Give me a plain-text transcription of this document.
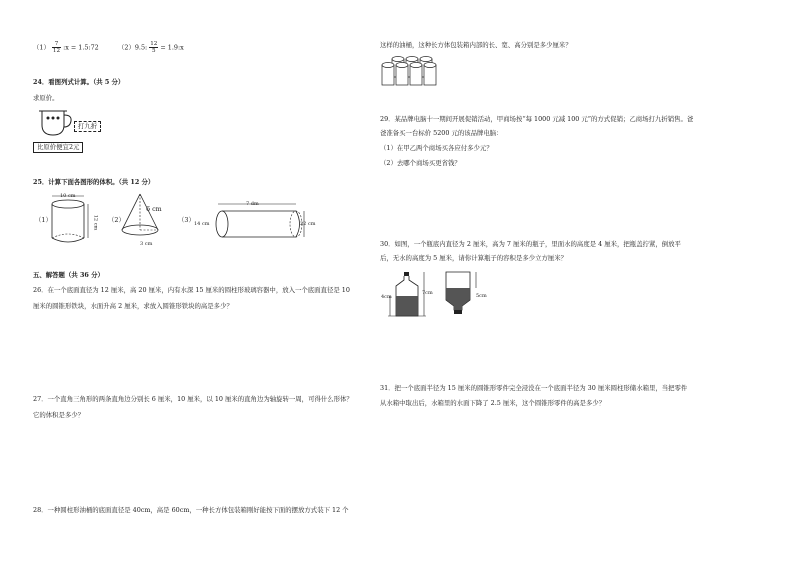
$(1) \frac{7}{12}$ :x = 1.5:72	（2）9.5: $\frac{12}{5}$ = 1.9:x
24．看图列式计算。（共 5 分）
求原价。
打九折
比原价便宜2元
25．计算下面各图形的体积。（共 12 分）
（1）
10 cm
12 cm （2）
6 cm
3 cm
（3）
7 dm
14 cm	22 cm
五、解答题（共 36 分）
26．在一个底面直径为 12 厘米，高 20 厘米，内有水深 15 厘米的圆柱形玻璃容器中，放入一个底面直径是 10
厘米的圆锥形铁块，水面升高 2 厘米，求放入圆锥形铁块的高是多少？
27．一个直角三角形的两条直角边分别长 6 厘米，10 厘米，以 10 厘米的直角边为轴旋转一周，可得什么形体？
它的体积是多少？
28．一种圆柱形油桶的底面直径是 40cm，高是 60cm，一种长方体包装箱刚好能按下面的摆放方式装下 12 个
这样的油桶，这种长方体包装箱内部的长、宽、高分别是多少厘米？
29．某品牌电脑十一期间开展促销活动，甲商场按“每 1000 元减 100 元”的方式促销；乙商场打九折销售。爸
爸准备买一台标价 5200 元的该品牌电脑：
（1）在甲乙两个商场买各应付多少元？
（2）去哪个商场买更省钱？
30．如图，一个瓶底内直径为 2 厘米，高为 7 厘米的瓶子，里面水的高度是 4 厘米，把瓶盖拧紧，倒放平
后，无水的高度为 5 厘米，请你计算瓶子的容积是多少立方厘米？
4cm
7cm	5cm
31．把一个底面半径为 15 厘米的圆锥形零件完全浸没在一个底面半径为 30 厘米圆柱形储水箱里，当把零件
从水箱中取出后，水箱里的水面下降了 2.5 厘米，这个圆锥形零件的高是多少？
